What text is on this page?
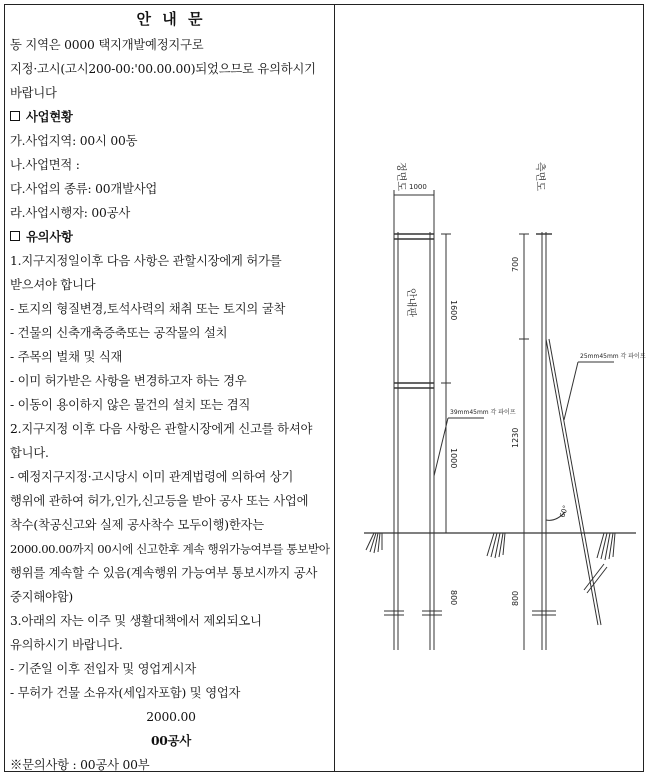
안 내 문
동 지역은 0000 택지개발예정지구로
지정·고시(고시200-00:'00.00.00)되었으므로 유의하시기
바랍니다
사업현황
가.사업지역: 00시 00동
나.사업면적 :
다.사업의 종류: 00개발사업
라.사업시행자: 00공사
유의사항
1.지구지정일이후 다음 사항은 관할시장에게 허가를
받으셔야 합니다
- 토지의 형질변경,토석사력의 채취 또는 토지의 굴착
- 건물의 신축개축증축또는 공작물의 설치
- 주목의 벌채 및 식재
- 이미 허가받은 사항을 변경하고자 하는 경우
- 이동이 용이하지 않은 물건의 설치 또는 겸직
2.지구지정 이후 다음 사항은 관할시장에게 신고를 하셔야
합니다.
- 예정지구지정·고시당시 이미 관계법령에 의하여 상기
행위에 관하여 허가,인가,신고등을 받아 공사 또는 사업에
착수(착공신고와 실제 공사착수 모두이행)한자는
2000.00.00까지 00시에 신고한후 계속 행위가능여부를 통보받아
행위를 계속할 수 있음(계속행위 가능여부 통보시까지 공사
중지해야함)
3.아래의 자는 이주 및 생활대책에서 제외되오니
유의하시기 바랍니다.
- 기준일 이후 전입자 및 영업게시자
- 무허가 건물 소유자(세입자포함) 및 영업자
2000.00
00공사
※문의사항 : 00공사 00부
정면도	측면도
1000
안내판	1600
1000
800
39mm45mm 각 파이프
700
1230
800
25mm45mm 각 파이프
60°
